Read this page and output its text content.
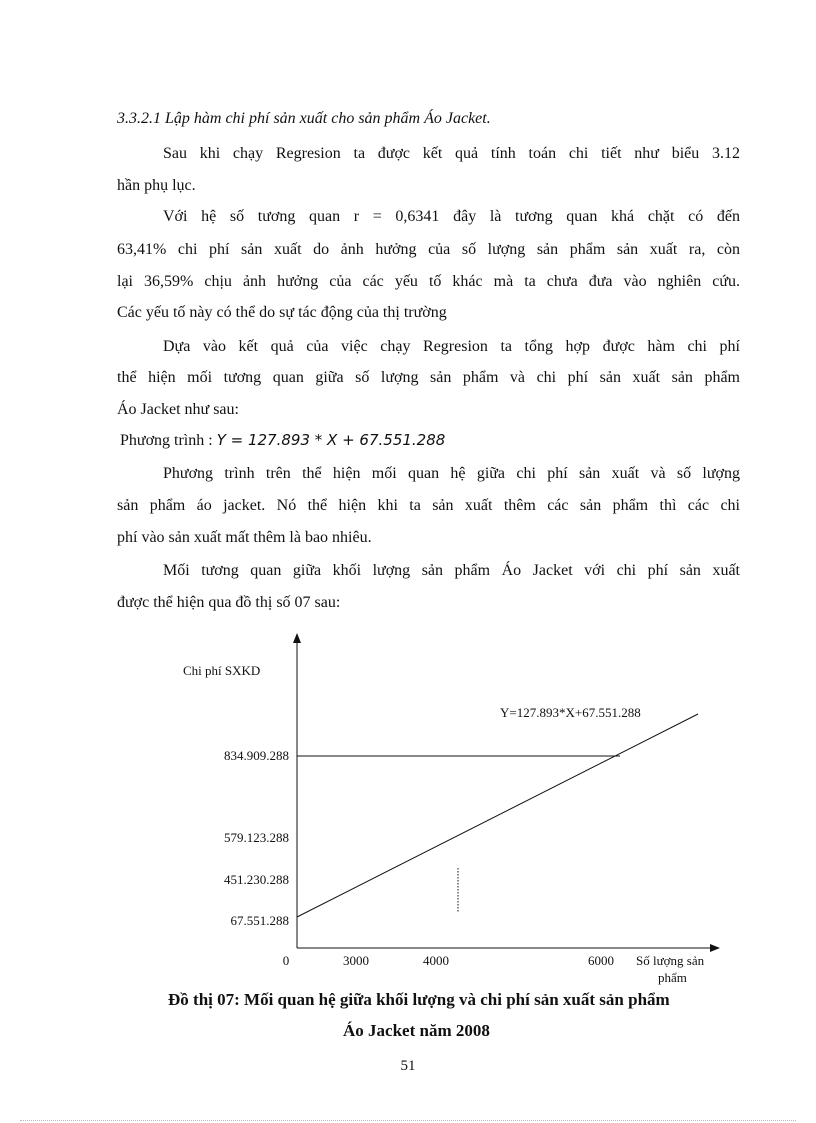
3.3.2.1 Lập hàm chi phí sản xuất cho sản phẩm Áo Jacket.
Sau khi chạy Regresion ta được kết quả tính toán chi tiết như biểu 3.12
hần phụ lục.
Với hệ số tương quan r = 0,6341 đây là tương quan khá chặt có đến
63,41% chi phí sản xuất do ảnh hưởng của số lượng sản phẩm sản xuất ra, còn
lại 36,59% chịu ảnh hưởng của các yếu tố khác mà ta chưa đưa vào nghiên cứu.
Các yếu tố này có thể do sự tác động của thị trường
Dựa vào kết quả của việc chạy Regresion ta tổng hợp được hàm chi phí
thể hiện mối tương quan giữa số lượng sản phẩm và chi phí sản xuất sản phẩm
Áo Jacket như sau:
Phương trình : Y = 127.893 * X + 67.551.288
Phương trình trên thể hiện mối quan hệ giữa chi phí sản xuất và số lượng
sản phẩm áo jacket. Nó thể hiện khi ta sản xuất thêm các sản phẩm thì các chi
phí vào sản xuất mất thêm là bao nhiêu.
Mối tương quan giữa khối lượng sản phẩm Áo Jacket với chi phí sản xuất
được thể hiện qua đồ thị số 07 sau:
Chi phí SXKD
Y=127.893*X+67.551.288
834.909.288
579.123.288
451.230.288
67.551.288
0	3000	4000	6000 Số lượng sản
phẩm
Đồ thị 07: Mối quan hệ giữa khối lượng và chi phí sản xuất sản phẩm
Áo Jacket năm 2008
51
